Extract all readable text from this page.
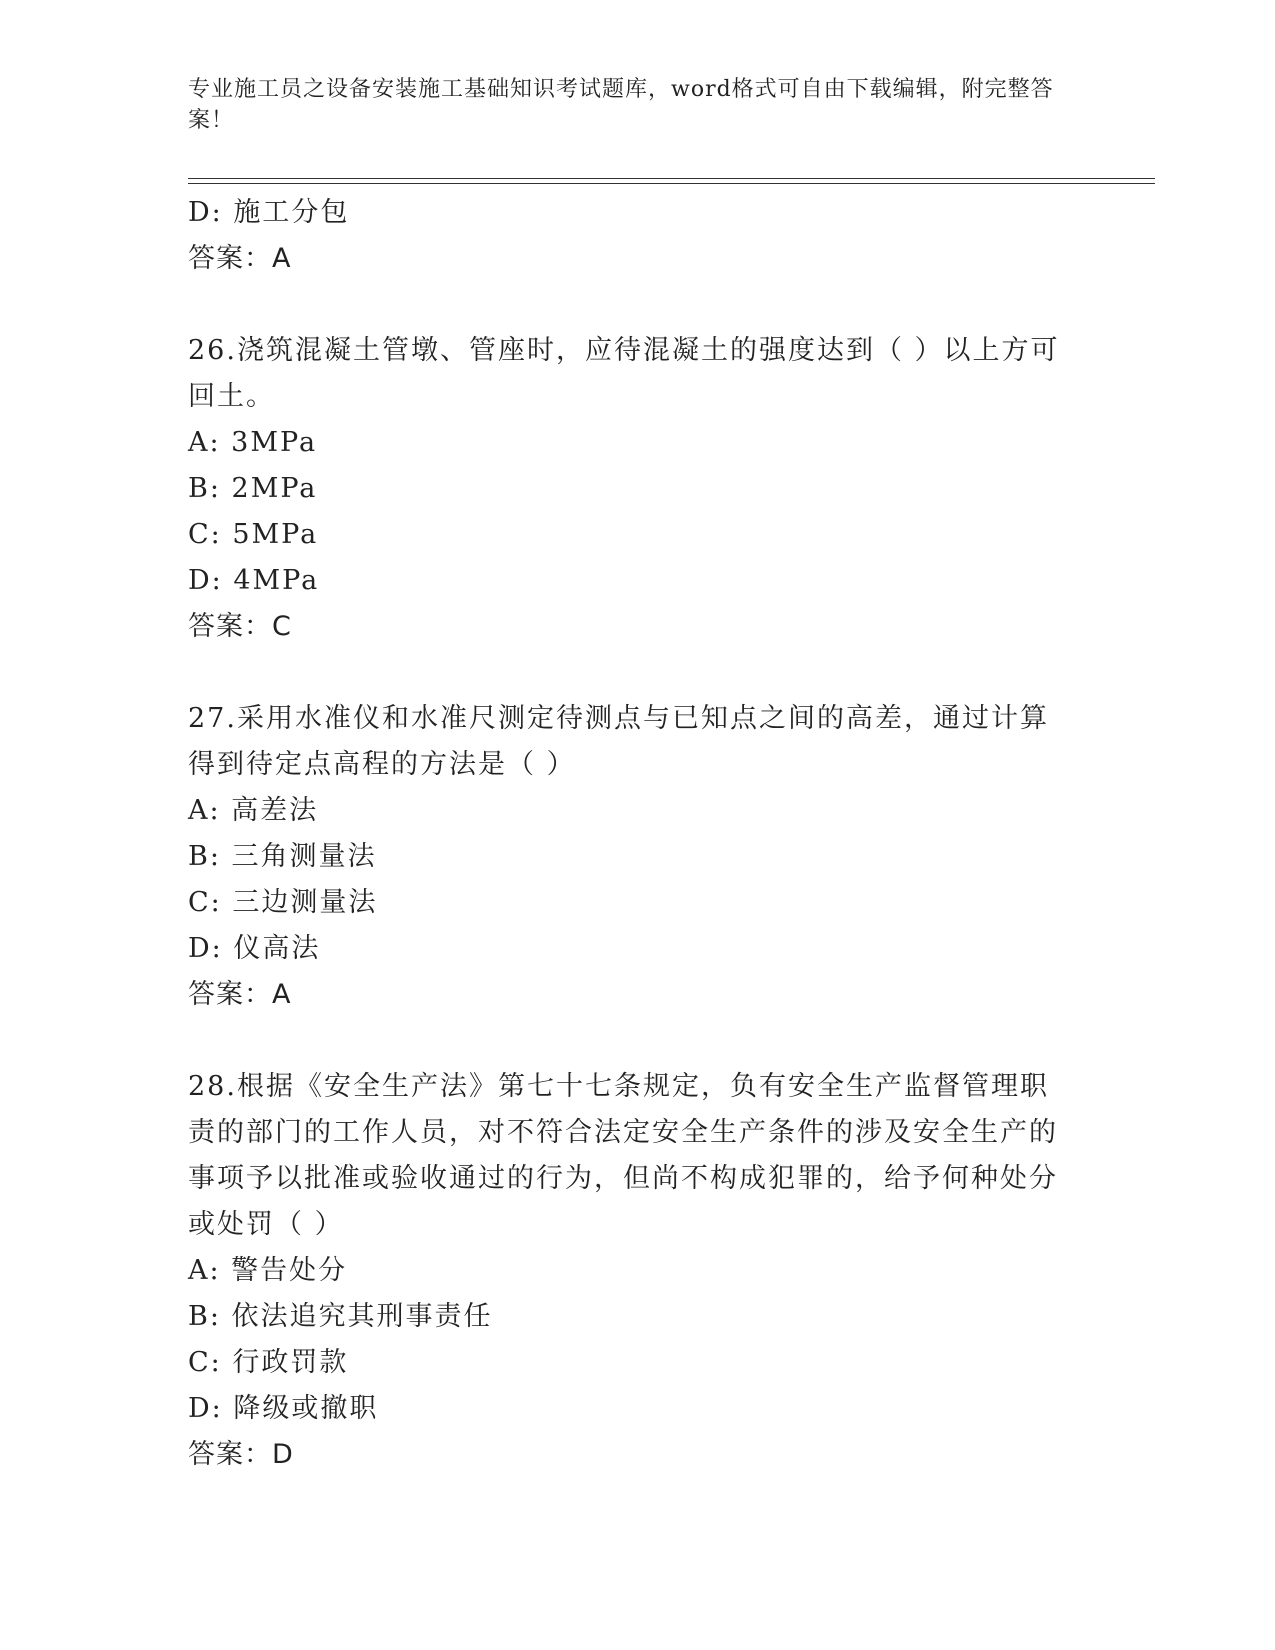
专业施工员之设备安装施工基础知识考试题库，word格式可自由下载编辑，附完整答案！
D: 施工分包
答案：A
26.浇筑混凝土管墩、管座时，应待混凝土的强度达到（ ）以上方可回土。
A: 3MPa
B: 2MPa
C: 5MPa
D: 4MPa
答案：C
27.采用水准仪和水准尺测定待测点与已知点之间的高差，通过计算得到待定点高程的方法是（ ）
A: 高差法
B: 三角测量法
C: 三边测量法
D: 仪高法
答案：A
28.根据《安全生产法》第七十七条规定，负有安全生产监督管理职责的部门的工作人员，对不符合法定安全生产条件的涉及安全生产的事项予以批准或验收通过的行为，但尚不构成犯罪的，给予何种处分或处罚（ ）
A: 警告处分
B: 依法追究其刑事责任
C: 行政罚款
D: 降级或撤职
答案：D
